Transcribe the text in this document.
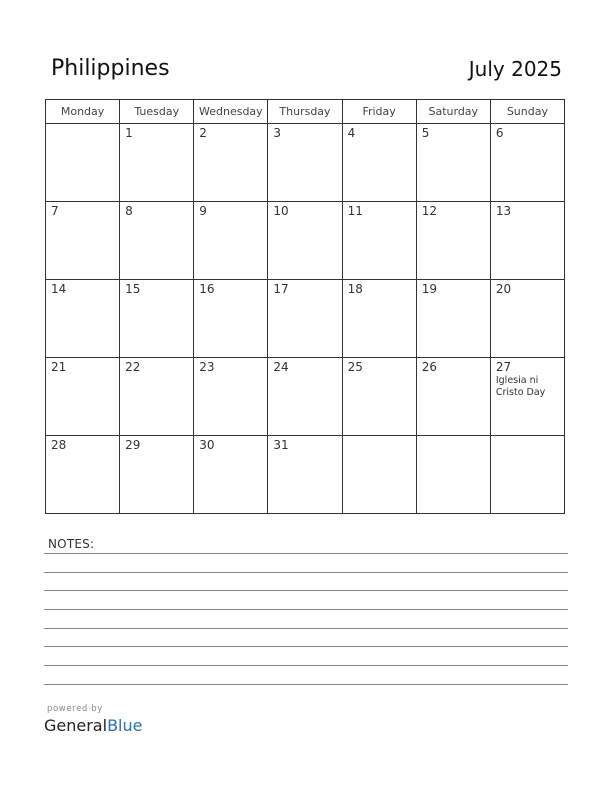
Philippines	July 2025
Monday	Tuesday	Wednesday	Thursday	Friday	Saturday	Sunday

	1	2	3	4	5	6

7	8	9	10	11	12	13

14	15	16	17	18	19	20

21	22	23	24	25	26	27
Iglesia ni Cristo Day

28	29	30	31			

NOTES:
powered by
GeneralBlue
